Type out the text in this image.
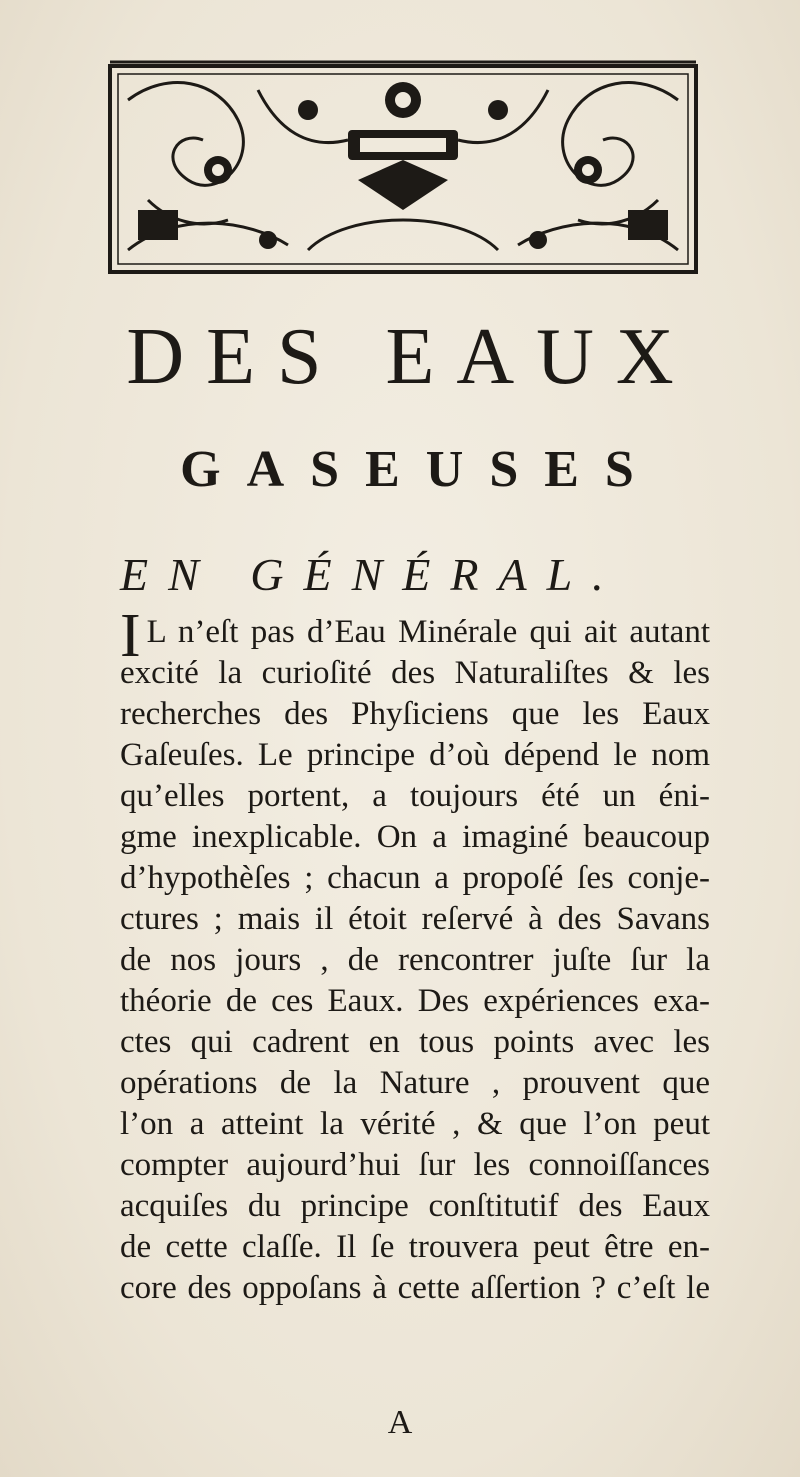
DES EAUX
GASEUSES
EN GÉNÉRAL.
I L n’eſt pas d’Eau Minérale qui ait autant
excité la curioſité des Naturaliſtes & les
recherches des Phyſiciens que les Eaux
Gaſeuſes. Le principe d’où dépend le nom
qu’elles portent, a toujours été un éni-
gme inexplicable. On a imaginé beaucoup
d’hypothèſes ; chacun a propoſé ſes conje-
ctures ; mais il étoit reſervé à des Savans
de nos jours , de rencontrer juſte ſur la
théorie de ces Eaux. Des expériences exa-
ctes qui cadrent en tous points avec les
opérations de la Nature , prouvent que
l’on a atteint la vérité , & que l’on peut
compter aujourd’hui ſur les connoiſſances
acquiſes du principe conſtitutif des Eaux
de cette claſſe. Il ſe trouvera peut être en-
core des oppoſans à cette aſſertion ? c’eſt le
A
